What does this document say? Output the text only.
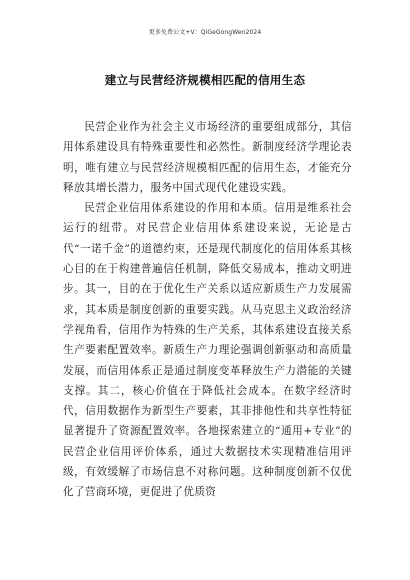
更多免费公文+V：QiGeGongWen2024
建立与民营经济规模相匹配的信用生态

民营企业作为社会主义市场经济的重要组成部分，其信用体系建设具有特殊重要性和必然性。新制度经济学理论表明，唯有建立与民营经济规模相匹配的信用生态，才能充分释放其增长潜力，服务中国式现代化建设实践。

民营企业信用体系建设的作用和本质。信用是维系社会运行的纽带。对民营企业信用体系建设来说，无论是古代“一诺千金”的道德约束，还是现代制度化的信用体系其核心目的在于构建普遍信任机制，降低交易成本，推动文明进步。其一，目的在于优化生产关系以适应新质生产力发展需求，其本质是制度创新的重要实践。从马克思主义政治经济学视角看，信用作为特殊的生产关系，其体系建设直接关系生产要素配置效率。新质生产力理论强调创新驱动和高质量发展，而信用体系正是通过制度变革释放生产力潜能的关键支撑。其二，核心价值在于降低社会成本。在数字经济时代，信用数据作为新型生产要素，其非排他性和共享性特征显著提升了资源配置效率。各地探索建立的“通用+专业”的民营企业信用评价体系，通过大数据技术实现精准信用评级，有效缓解了市场信息不对称问题。这种制度创新不仅优化了营商环境，更促进了优质资
